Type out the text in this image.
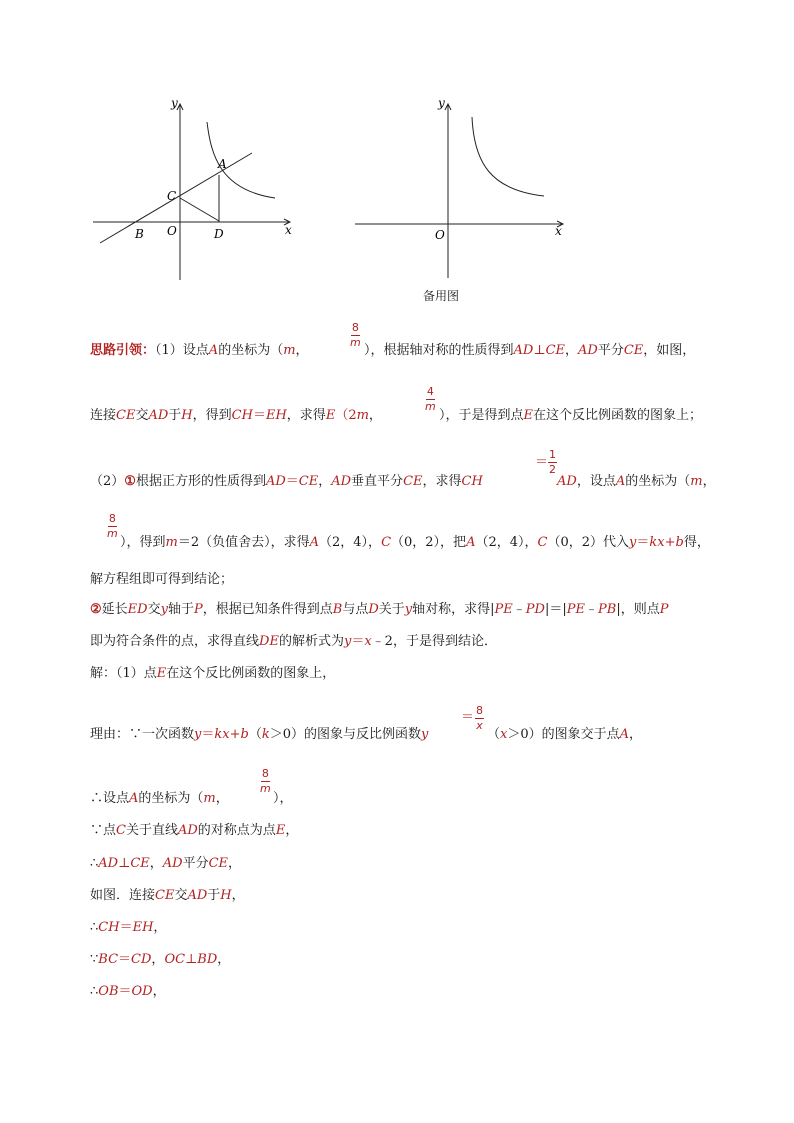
y
x
A
C
B O	D
y
x
O
备用图
思路引领：（1）设点A的坐标为（m，
8
m
），根据轴对称的性质得到AD⊥CE，AD平分CE，如图，
连接CE交AD于H，得到CH＝EH，求得E（2m，
4
m
），于是得到点E在这个反比例函数的图象上；
（2）①根据正方形的性质得到AD＝CE，AD垂直平分CE，求得CH
＝
1
2
AD，设点A的坐标为（m，
8
m
），得到m＝2（负值舍去），求得A（2，4），C（0，2），把A（2，4），C（0，2）代入y＝kx+b得，
解方程组即可得到结论；
②延长ED交y轴于P，根据已知条件得到点B与点D关于y轴对称，求得|PE﹣PD|＝|PE﹣PB|，则点P
即为符合条件的点，求得直线DE的解析式为y＝x﹣2，于是得到结论．
解：（1）点E在这个反比例函数的图象上，
理由：∵一次函数y＝kx+b（k＞0）的图象与反比例函数y
＝ 8
x
（x＞0）的图象交于点A，
∴设点A的坐标为（m，
8
m
），
∵点C关于直线AD的对称点为点E，
∴AD⊥CE，AD平分CE，
如图．连接CE交AD于H，
∴CH＝EH，
∵BC＝CD，OC⊥BD，
∴OB＝OD，
